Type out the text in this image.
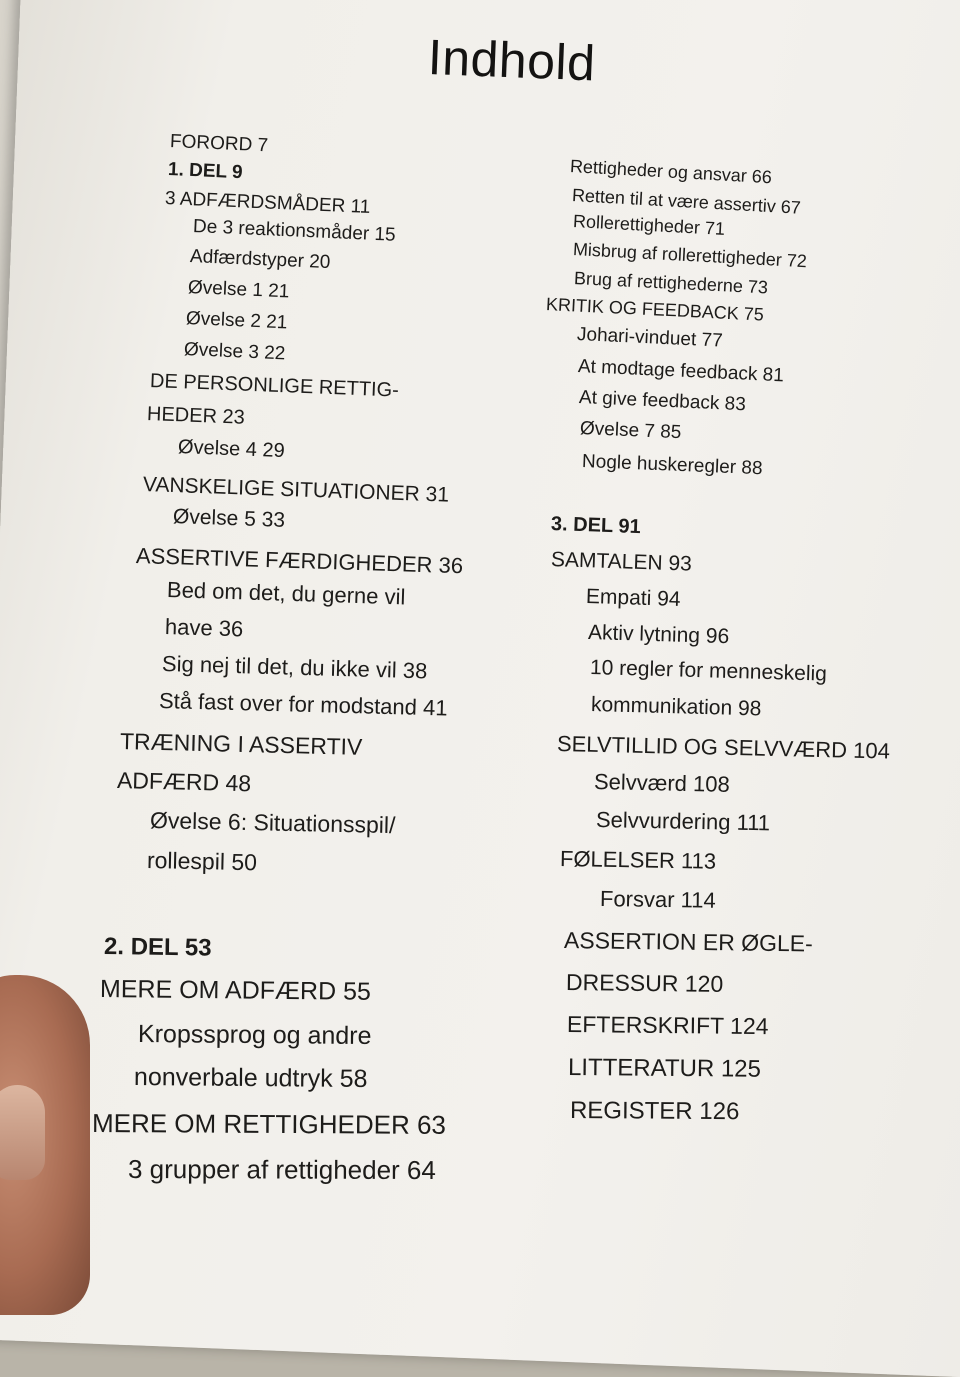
Indhold
FORORD 7
1. DEL 9
3 ADFÆRDSMÅDER 11
De 3 reaktionsmåder 15
Adfærdstyper 20
Øvelse 1 21
Øvelse 2 21
Øvelse 3 22
DE PERSONLIGE RETTIG-
HEDER 23
Øvelse 4 29
VANSKELIGE SITUATIONER 31
Øvelse 5 33
ASSERTIVE FÆRDIGHEDER 36
Bed om det, du gerne vil
have 36
Sig nej til det, du ikke vil 38
Stå fast over for modstand 41
TRÆNING I ASSERTIV
ADFÆRD 48
Øvelse 6: Situationsspil/
rollespil 50
2. DEL 53
MERE OM ADFÆRD 55
Kropssprog og andre
nonverbale udtryk 58
MERE OM RETTIGHEDER 63
3 grupper af rettigheder 64
Rettigheder og ansvar 66
Retten til at være assertiv 67
Rollerettigheder 71
Misbrug af rollerettigheder 72
Brug af rettighederne 73
KRITIK OG FEEDBACK 75
Johari-vinduet 77
At modtage feedback 81
At give feedback 83
Øvelse 7 85
Nogle huskeregler 88
3. DEL 91
SAMTALEN 93
Empati 94
Aktiv lytning 96
10 regler for menneskelig
kommunikation 98
SELVTILLID OG SELVVÆRD 104
Selvværd 108
Selvvurdering 111
FØLELSER 113
Forsvar 114
ASSERTION ER ØGLE-
DRESSUR 120
EFTERSKRIFT 124
LITTERATUR 125
REGISTER 126
